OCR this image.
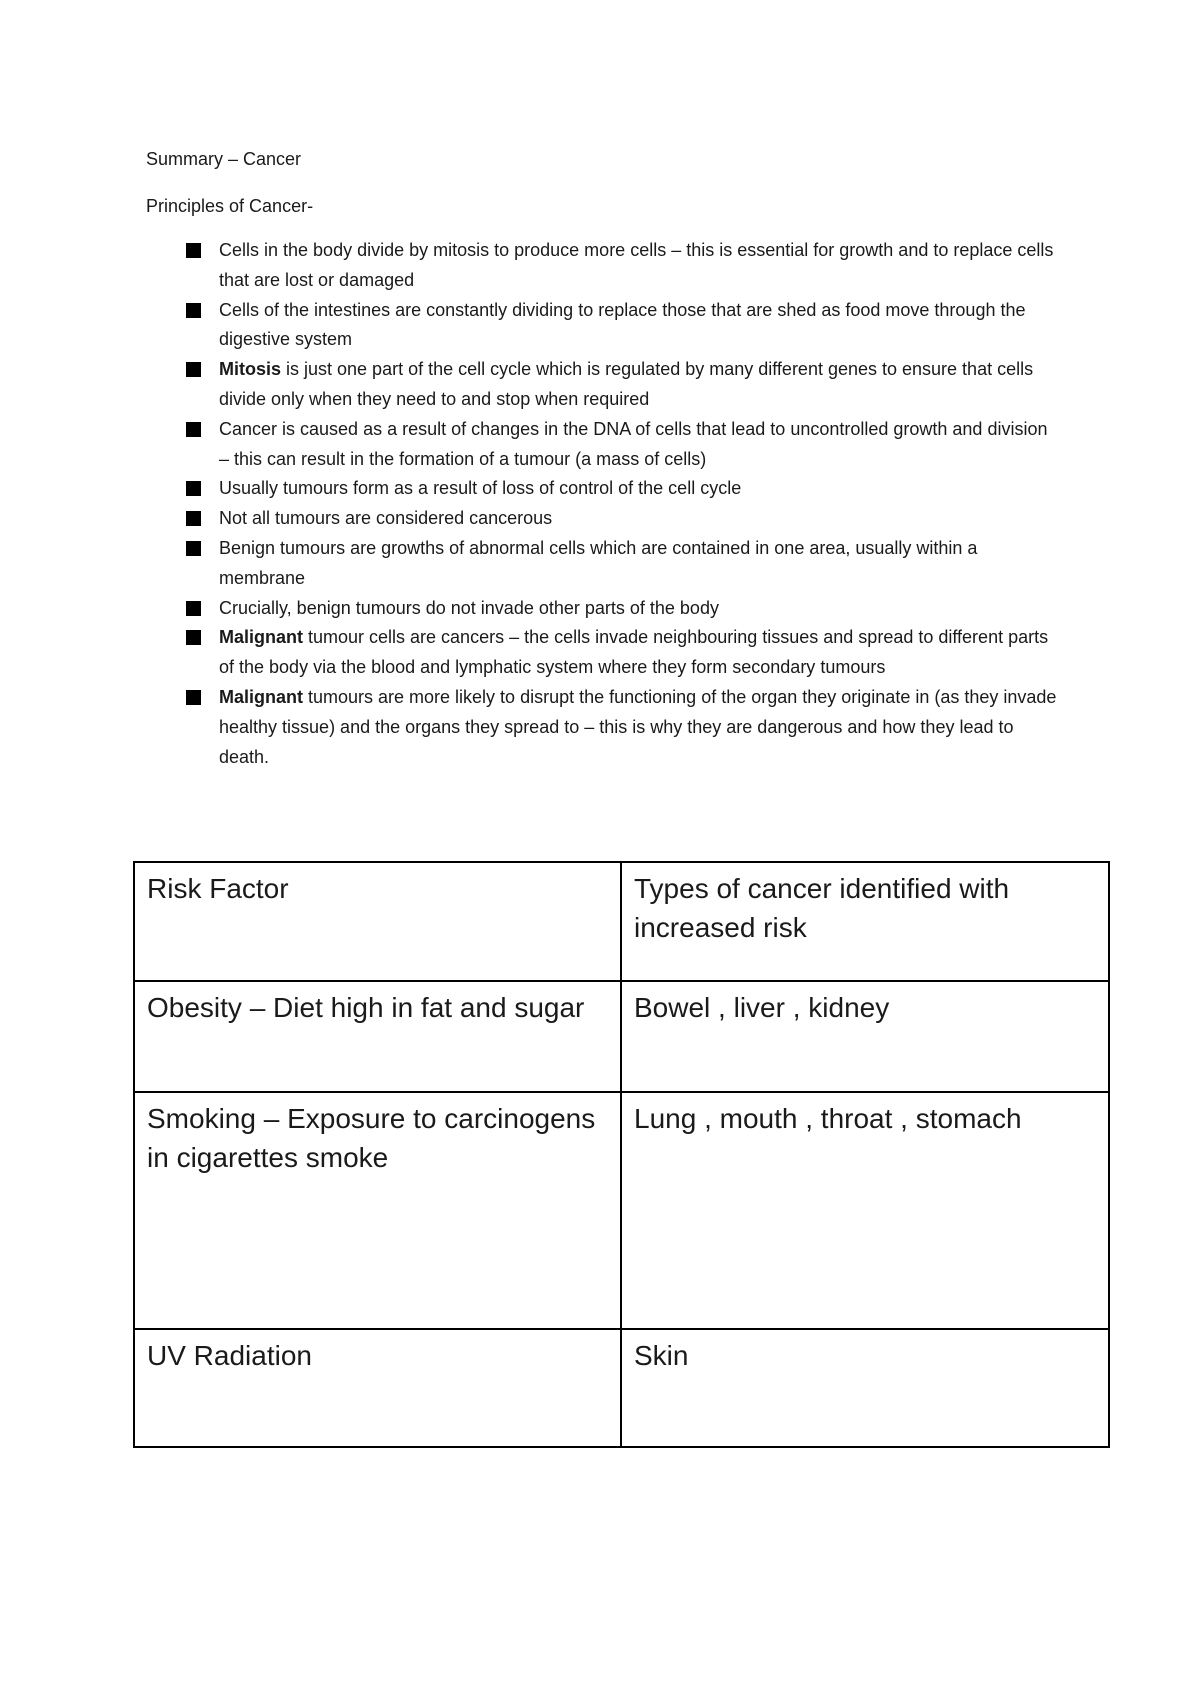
Summary – Cancer
Principles of Cancer-
Cells in the body divide by mitosis to produce more cells – this is essential for growth and to replace cells that are lost or damaged
Cells of the intestines are constantly dividing to replace those that are shed as food move through the digestive system
Mitosis is just one part of the cell cycle which is regulated by many different genes to ensure that cells divide only when they need to and stop when required
Cancer is caused as a result of changes in the DNA of cells that lead to uncontrolled growth and division – this can result in the formation of a tumour (a mass of cells)
Usually tumours form as a result of loss of control of the cell cycle
Not all tumours are considered cancerous
Benign tumours are growths of abnormal cells which are contained in one area, usually within a membrane
Crucially, benign tumours do not invade other parts of the body
Malignant tumour cells are cancers – the cells invade neighbouring tissues and spread to different parts of the body via the blood and lymphatic system where they form secondary tumours
Malignant tumours are more likely to disrupt the functioning of the organ they originate in (as they invade healthy tissue) and the organs they spread to – this is why they are dangerous and how they lead to death.
Risk Factor	Types of cancer identified with increased risk
Obesity – Diet high in fat and sugar	Bowel , liver , kidney
Smoking – Exposure to carcinogens in cigarettes smoke	Lung , mouth , throat , stomach
UV Radiation	Skin
